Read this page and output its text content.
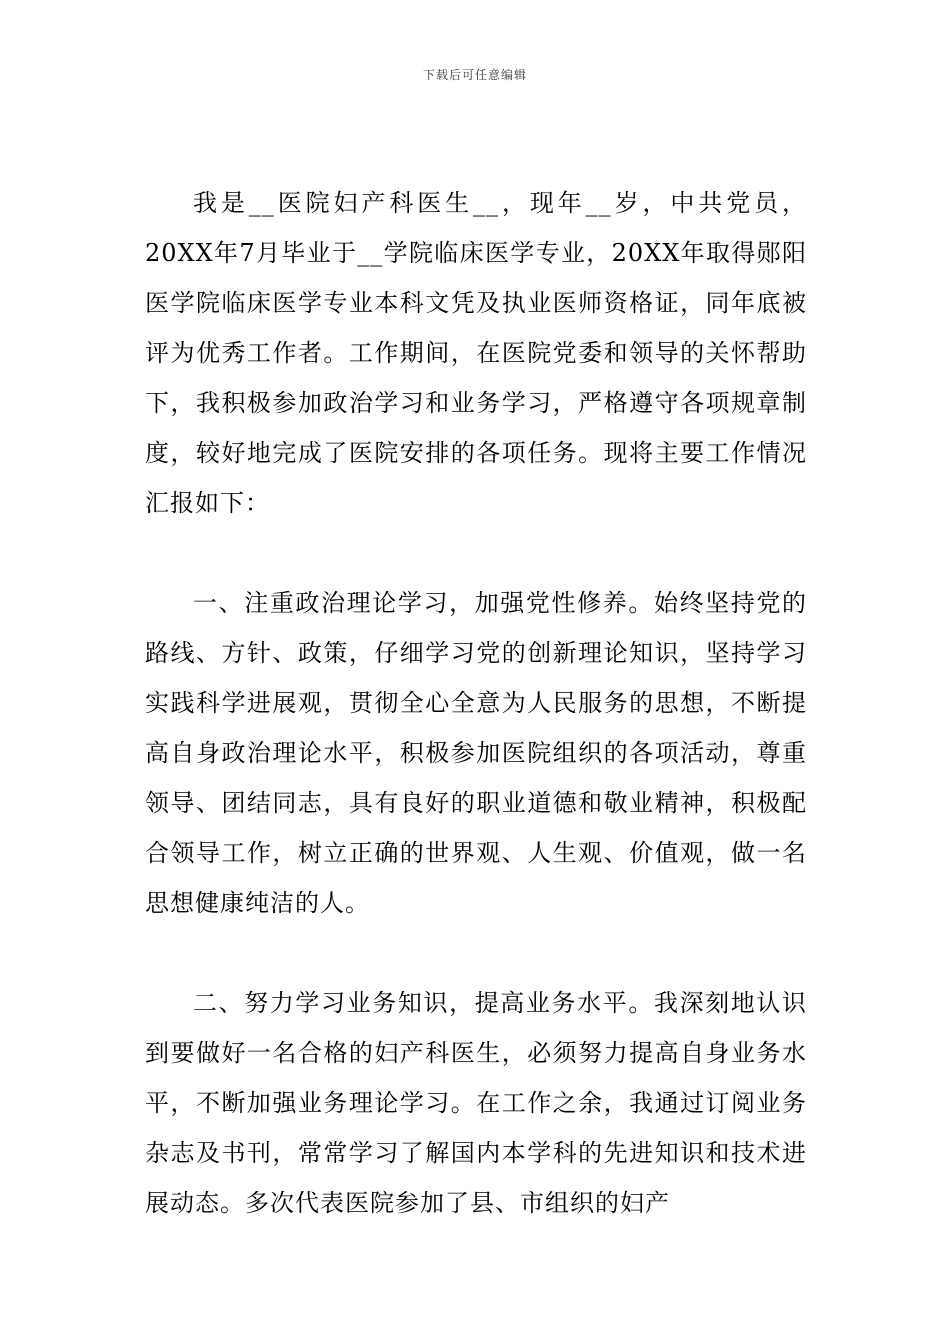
下载后可任意编辑

我是__医院妇产科医生__，现年__岁，中共党员，20XX年7月毕业于__学院临床医学专业，20XX年取得郧阳医学院临床医学专业本科文凭及执业医师资格证，同年底被评为优秀工作者。工作期间，在医院党委和领导的关怀帮助下，我积极参加政治学习和业务学习，严格遵守各项规章制度，较好地完成了医院安排的各项任务。现将主要工作情况汇报如下：

一、注重政治理论学习，加强党性修养。始终坚持党的路线、方针、政策，仔细学习党的创新理论知识，坚持学习实践科学进展观，贯彻全心全意为人民服务的思想，不断提高自身政治理论水平，积极参加医院组织的各项活动，尊重领导、团结同志，具有良好的职业道德和敬业精神，积极配合领导工作，树立正确的世界观、人生观、价值观，做一名思想健康纯洁的人。

二、努力学习业务知识，提高业务水平。我深刻地认识到要做好一名合格的妇产科医生，必须努力提高自身业务水平，不断加强业务理论学习。在工作之余，我通过订阅业务杂志及书刊，常常学习了解国内本学科的先进知识和技术进展动态。多次代表医院参加了县、市组织的妇产
